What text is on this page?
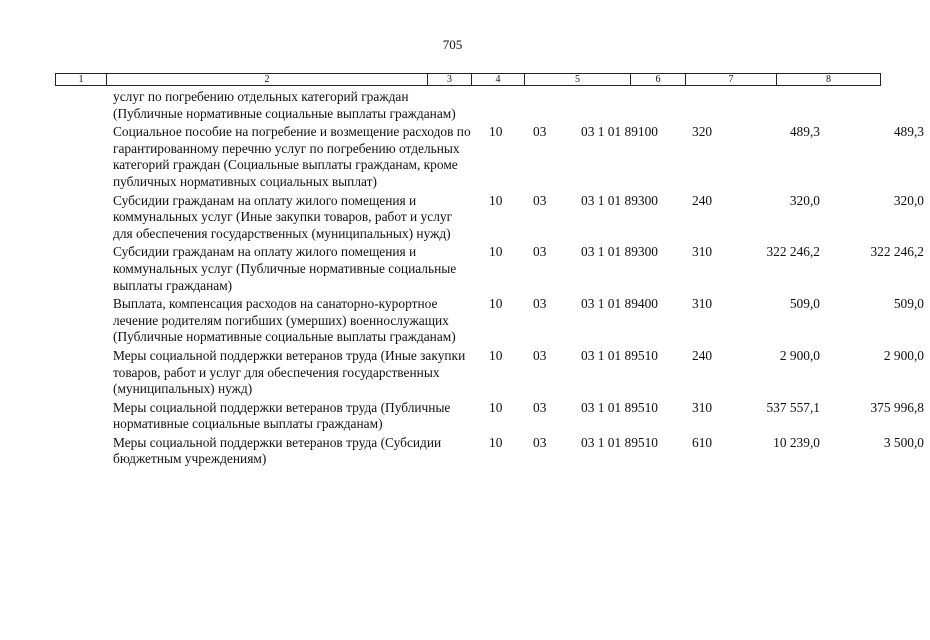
705
1	2	3	4	5	6	7	8
услуг по погребению отдельных категорий граждан (Публичные нормативные социальные выплаты гражданам)						
Социальное пособие на погребение и возмещение расходов по гарантированному перечню услуг по погребению отдельных категорий граждан (Социальные выплаты гражданам, кроме публичных нормативных социальных выплат)	10	03	03 1 01 89100	320	489,3	489,3
Субсидии гражданам на оплату жилого помещения и коммунальных услуг (Иные закупки товаров, работ и услуг для обеспечения государственных (муниципальных) нужд)	10	03	03 1 01 89300	240	320,0	320,0
Субсидии гражданам на оплату жилого помещения и коммунальных услуг (Публичные нормативные социальные выплаты гражданам)	10	03	03 1 01 89300	310	322 246,2	322 246,2
Выплата, компенсация расходов на санаторно-курортное лечение родителям погибших (умерших) военнослужащих (Публичные нормативные социальные выплаты гражданам)	10	03	03 1 01 89400	310	509,0	509,0
Меры социальной поддержки ветеранов труда (Иные закупки товаров, работ и услуг для обеспечения государственных (муниципальных) нужд)	10	03	03 1 01 89510	240	2 900,0	2 900,0
Меры социальной поддержки ветеранов труда (Публичные нормативные социальные выплаты гражданам)	10	03	03 1 01 89510	310	537 557,1	375 996,8
Меры социальной поддержки ветеранов труда (Субсидии бюджетным учреждениям)	10	03	03 1 01 89510	610	10 239,0	3 500,0
